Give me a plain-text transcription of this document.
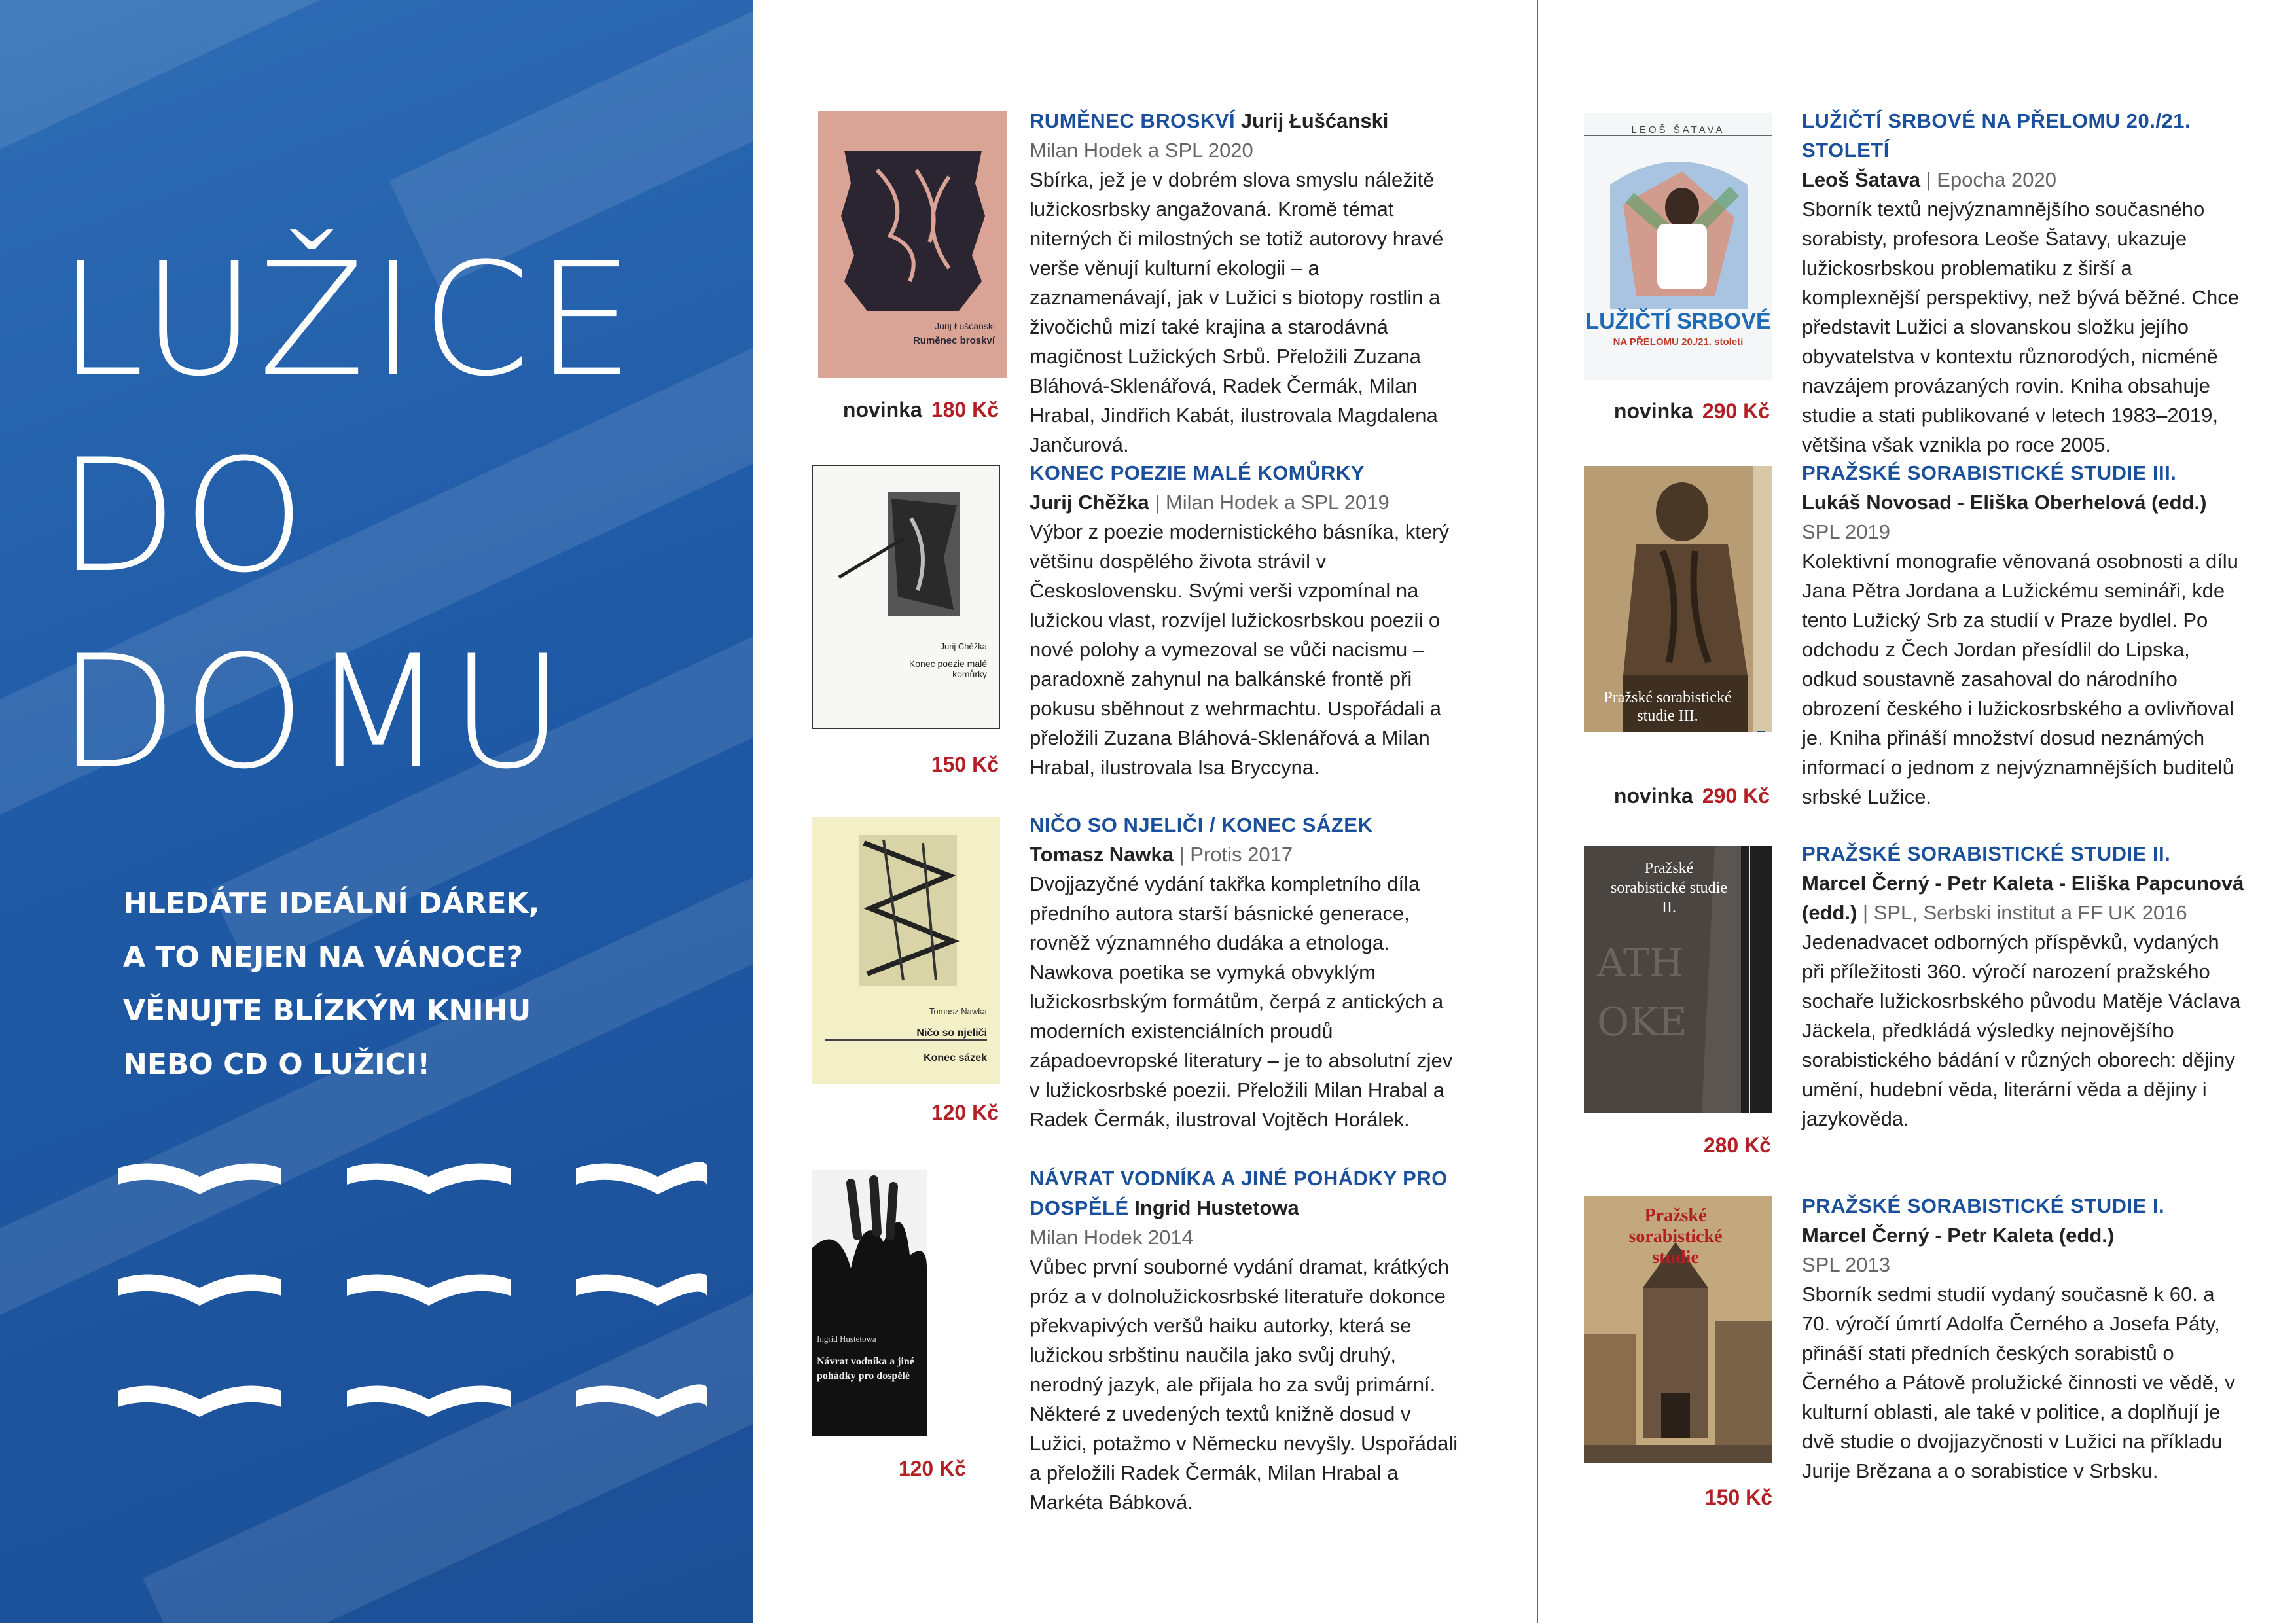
LUŽICE
DO DOMU

HLEDÁTE IDEÁLNÍ DÁREK,
A TO NEJEN NA VÁNOCE?
VĚNUJTE BLÍZKÝM KNIHU
NEBO CD O LUŽICI!

Jurij Łušćanski
Ruměnec broskví
novinka 180 Kč

RUMĚNEC BROSKVÍ Jurij Łušćanski

Milan Hodek a SPL 2020

Sbírka, jež je v dobrém slova smyslu náležitě lužickosrbsky angažovaná. Kromě témat niterných či milostných se totiž autorovy hravé verše věnují kulturní ekologii – a zaznamenávají, jak v Lužici s biotopy rostlin a živočichů mizí také krajina a starodávná magičnost Lužických Srbů. Přeložili Zuzana Bláhová-Sklenářová, Radek Čermák, Milan Hrabal, Jindřich Kabát, ilustrovala Magdalena Jančurová.

Jurij Chěžka
Konec poezie malé komůrky
150 Kč

KONEC POEZIE MALÉ KOMŮRKY

Jurij Chěžka | Milan Hodek a SPL 2019

Výbor z poezie modernistického básníka, který většinu dospělého života strávil v Československu. Svými verši vzpomínal na lužickou vlast, rozvíjel lužickosrbskou poezii o nové polohy a vymezoval se vůči nacismu – paradoxně zahynul na balkánské frontě při pokusu sběhnout z wehrmachtu. Uspořádali a přeložili Zuzana Bláhová-Sklenářová a Milan Hrabal, ilustrovala Isa Bryccyna.

Tomasz Nawka
Ničo so njeliči
Konec sázek
120 Kč

NIČO SO NJELIČI / KONEC SÁZEK

Tomasz Nawka | Protis 2017

Dvojjazyčné vydání takřka kompletního díla předního autora starší básnické generace, rovněž významného dudáka a etnologa. Nawkova poetika se vymyká obvyklým lužickosrbským formátům, čerpá z antických a moderních existenciálních proudů západoevropské literatury – je to absolutní zjev v lužickosrbské poezii. Přeložili Milan Hrabal a Radek Čermák, ilustroval Vojtěch Horálek.

Ingrid Hustetowa
Návrat vodníka a jiné pohádky pro dospělé
120 Kč

NÁVRAT VODNÍKA A JINÉ POHÁDKY PRO DOSPĚLÉ Ingrid Hustetowa

Milan Hodek 2014

Vůbec první souborné vydání dramat, krátkých próz a v dolnolužickosrbské literatuře dokonce překvapivých veršů haiku autorky, která se lužickou srbštinu naučila jako svůj druhý, nerodný jazyk, ale přijala ho za svůj primární. Některé z uvedených textů knižně dosud v Lužici, potažmo v Německu nevyšly. Uspořádali a přeložili Radek Čermák, Milan Hrabal a Markéta Bábková.

LEOŠ ŠATAVA
LUŽIČTÍ SRBOVÉ
NA PŘELOMU 20./21. století
novinka 290 Kč

LUŽIČTÍ SRBOVÉ NA PŘELOMU 20./21. STOLETÍ

Leoš Šatava | Epocha 2020

Sborník textů nejvýznamnějšího současného sorabisty, profesora Leoše Šatavy, ukazuje lužickosrbskou problematiku z širší a komplexnější perspektivy, než bývá běžné. Chce představit Lužici a slovanskou složku jejího obyvatelstva v kontextu různorodých, nicméně navzájem provázaných rovin. Kniha obsahuje studie a stati publikované v letech 1983–2019, většina však vznikla po roce 2005.

Pražské sorabistické studie III.
novinka 290 Kč

PRAŽSKÉ SORABISTICKÉ STUDIE III.

Lukáš Novosad - Eliška Oberhelová (edd.)

SPL 2019

Kolektivní monografie věnovaná osobnosti a dílu Jana Pětra Jordana a Lužickému semináři, kde tento Lužický Srb za studií v Praze bydlel. Po odchodu z Čech Jordan přesídlil do Lipska, odkud soustavně zasahoval do národního obrození českého i lužickosrbského a ovlivňoval je. Kniha přináší množství dosud neznámých informací o jednom z nejvýznamnějších buditelů srbské Lužice.

ATH
OKE
Pražské sorabistické studie II.
280 Kč

PRAŽSKÉ SORABISTICKÉ STUDIE II.

Marcel Černý - Petr Kaleta - Eliška Papcunová (edd.) | SPL, Serbski institut a FF UK 2016

Jedenadvacet odborných příspěvků, vydaných při příležitosti 360. výročí narození pražského sochaře lužickosrbského původu Matěje Václava Jäckela, předkládá výsledky nejnovějšího sorabistického bádání v různých oborech: dějiny umění, hudební věda, literární věda a dějiny i jazykověda.

Pražské sorabistické studie
150 Kč

PRAŽSKÉ SORABISTICKÉ STUDIE I.

Marcel Černý - Petr Kaleta (edd.)

SPL 2013

Sborník sedmi studií vydaný současně k 60. a 70. výročí úmrtí Adolfa Černého a Josefa Páty, přináší stati předních českých sorabistů o Černého a Pátově prolužické činnosti ve vědě, v kulturní oblasti, ale také v politice, a doplňují je dvě studie o dvojjazyčnosti v Lužici na příkladu Jurije Brězana a o sorabistice v Srbsku.
